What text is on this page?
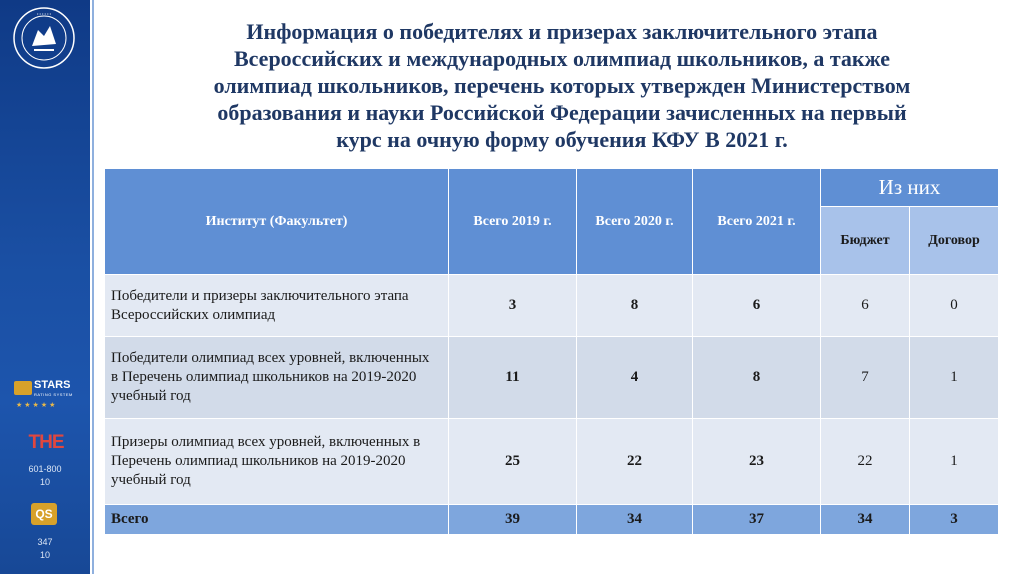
• • • • • •
STARS
RATING SYSTEM
★★★★★
THE
601-800
10
QS
347
10
Информация о победителях и призерах заключительного этапа
Всероссийских и международных олимпиад школьников, а также
олимпиад школьников, перечень которых утвержден Министерством
образования и науки Российской Федерации зачисленных на первый
курс на очную форму обучения КФУ В 2021 г.
Институт (Факультет)	Всего 2019 г.	Всего 2020 г.	Всего 2021 г.	Из них	
				Бюджет	Договор
Победители и призеры заключительного этапа Всероссийских олимпиад	3	8	6	6	0
Победители олимпиад всех уровней, включенных в Перечень олимпиад школьников на 2019-2020 учебный год	11	4	8	7	1
Призеры олимпиад всех уровней, включенных в Перечень олимпиад школьников на 2019-2020 учебный год	25	22	23	22	1
Всего	39	34	37	34	3
